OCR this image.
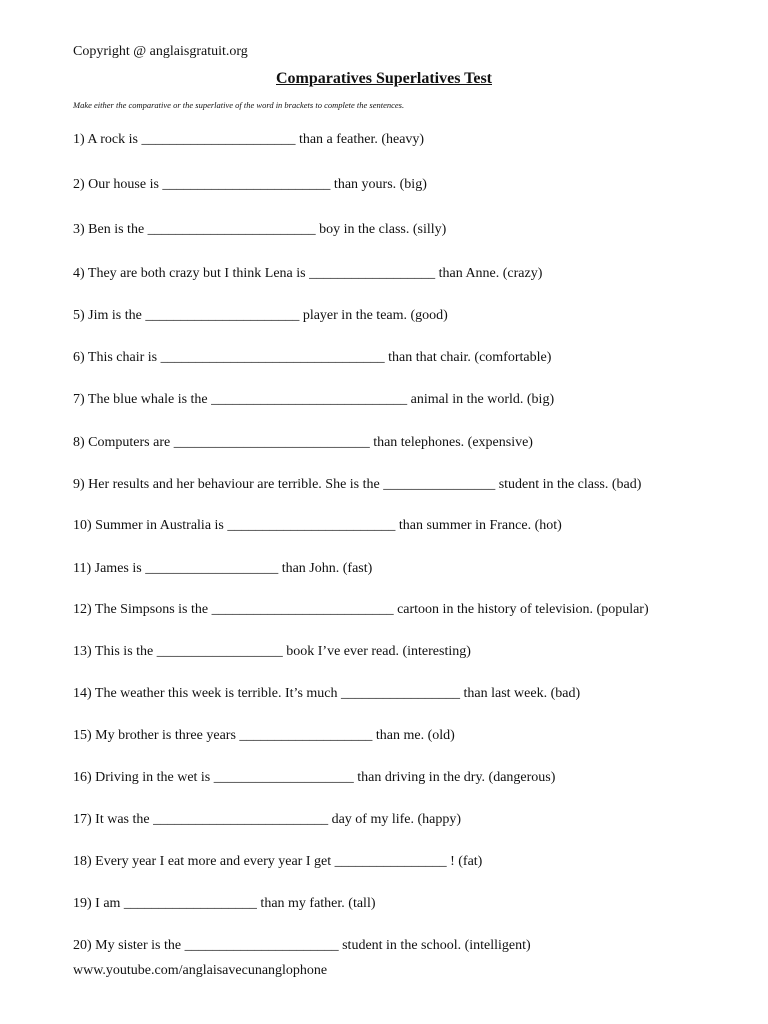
Copyright @ anglaisgratuit.org
Comparatives Superlatives Test
Make either the comparative or the superlative of the word in brackets to complete the sentences.
1) A rock is ______________________ than a feather. (heavy)
2) Our house is ________________________ than yours. (big)
3) Ben is the ________________________ boy in the class. (silly)
4) They are both crazy but I think Lena is __________________ than Anne. (crazy)
5) Jim is the ______________________ player in the team. (good)
6) This chair is ________________________________ than that chair. (comfortable)
7) The blue whale is the ____________________________ animal in the world. (big)
8) Computers are ____________________________ than telephones. (expensive)
9) Her results and her behaviour are terrible. She is the ________________ student in the class. (bad)
10) Summer in Australia is ________________________ than summer in France. (hot)
11) James is ___________________ than John. (fast)
12) The Simpsons is the __________________________ cartoon in the history of television. (popular)
13) This is the __________________ book I’ve ever read. (interesting)
14) The weather this week is terrible. It’s much _________________ than last week. (bad)
15) My brother is three years ___________________ than me. (old)
16) Driving in the wet is ____________________ than driving in the dry. (dangerous)
17) It was the _________________________ day of my life. (happy)
18) Every year I eat more and every year I get ________________ ! (fat)
19) I am ___________________ than my father. (tall)
20) My sister is the ______________________ student in the school. (intelligent)
www.youtube.com/anglaisavecunanglophone
